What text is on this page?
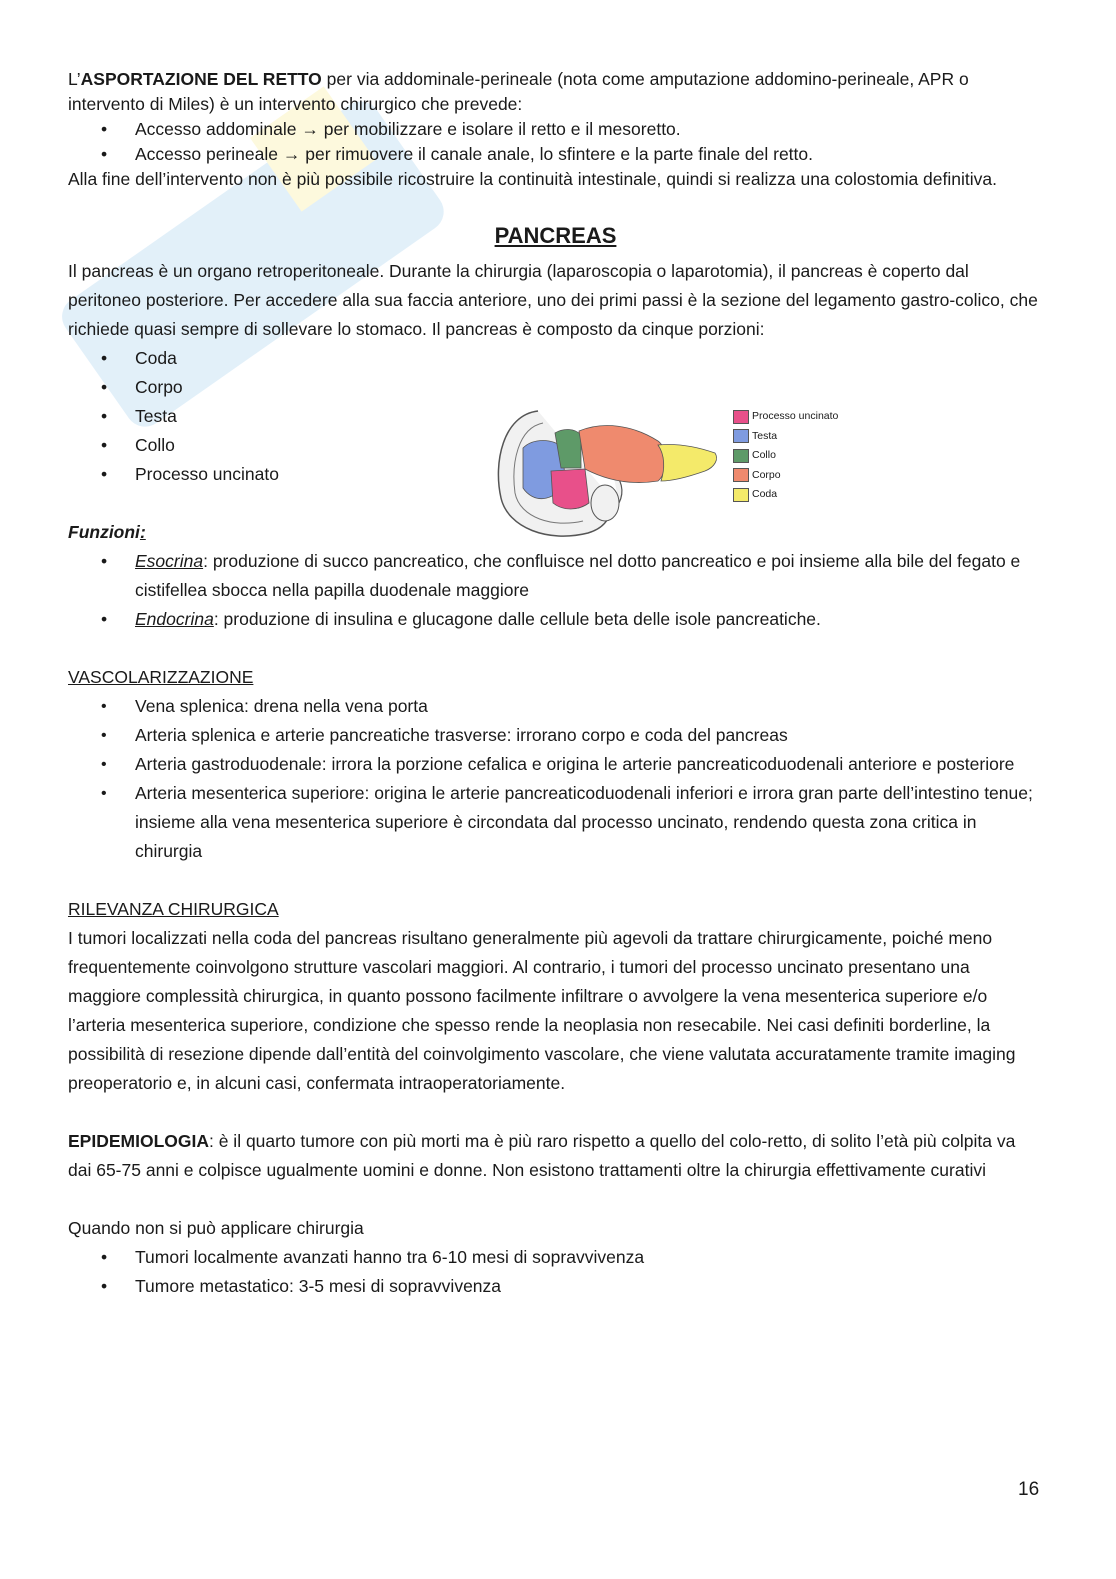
L’ASPORTAZIONE DEL RETTO per via addominale-perineale (nota come amputazione addomino-perineale, APR o intervento di Miles) è un intervento chirurgico che prevede:

• Accesso addominale → per mobilizzare e isolare il retto e il mesoretto.
• Accesso perineale → per rimuovere il canale anale, lo sfintere e la parte finale del retto.

Alla fine dell’intervento non è più possibile ricostruire la continuità intestinale, quindi si realizza una colostomia definitiva.

PANCREAS

Il pancreas è un organo retroperitoneale. Durante la chirurgia (laparoscopia o laparotomia), il pancreas è coperto dal peritoneo posteriore. Per accedere alla sua faccia anteriore, uno dei primi passi è la sezione del legamento gastro-colico, che richiede quasi sempre di sollevare lo stomaco. Il pancreas è composto da cinque porzioni:

• Coda
• Corpo
• Testa
• Collo
• Processo uncinato

Funzioni:

• Esocrina: produzione di succo pancreatico, che confluisce nel dotto pancreatico e poi insieme alla bile del fegato e cistifellea sbocca nella papilla duodenale maggiore
• Endocrina: produzione di insulina e glucagone dalle cellule beta delle isole pancreatiche.

VASCOLARIZZAZIONE

• Vena splenica: drena nella vena porta
• Arteria splenica e arterie pancreatiche trasverse: irrorano corpo e coda del pancreas
• Arteria gastroduodenale: irrora la porzione cefalica e origina le arterie pancreaticoduodenali anteriore e posteriore
• Arteria mesenterica superiore: origina le arterie pancreaticoduodenali inferiori e irrora gran parte dell’intestino tenue; insieme alla vena mesenterica superiore è circondata dal processo uncinato, rendendo questa zona critica in chirurgia

RILEVANZA CHIRURGICA

I tumori localizzati nella coda del pancreas risultano generalmente più agevoli da trattare chirurgicamente, poiché meno frequentemente coinvolgono strutture vascolari maggiori. Al contrario, i tumori del processo uncinato presentano una maggiore complessità chirurgica, in quanto possono facilmente infiltrare o avvolgere la vena mesenterica superiore e/o l’arteria mesenterica superiore, condizione che spesso rende la neoplasia non resecabile. Nei casi definiti borderline, la possibilità di resezione dipende dall’entità del coinvolgimento vascolare, che viene valutata accuratamente tramite imaging preoperatorio e, in alcuni casi, confermata intraoperatoriamente.

EPIDEMIOLOGIA: è il quarto tumore con più morti ma è più raro rispetto a quello del colo-retto, di solito l’età più colpita va dai 65-75 anni e colpisce ugualmente uomini e donne. Non esistono trattamenti oltre la chirurgia effettivamente curativi

Quando non si può applicare chirurgia

• Tumori localmente avanzati hanno tra 6-10 mesi di sopravvivenza
• Tumore metastatico: 3-5 mesi di sopravvivenza
Processo uncinato
Testa
Collo
Corpo
Coda
16
